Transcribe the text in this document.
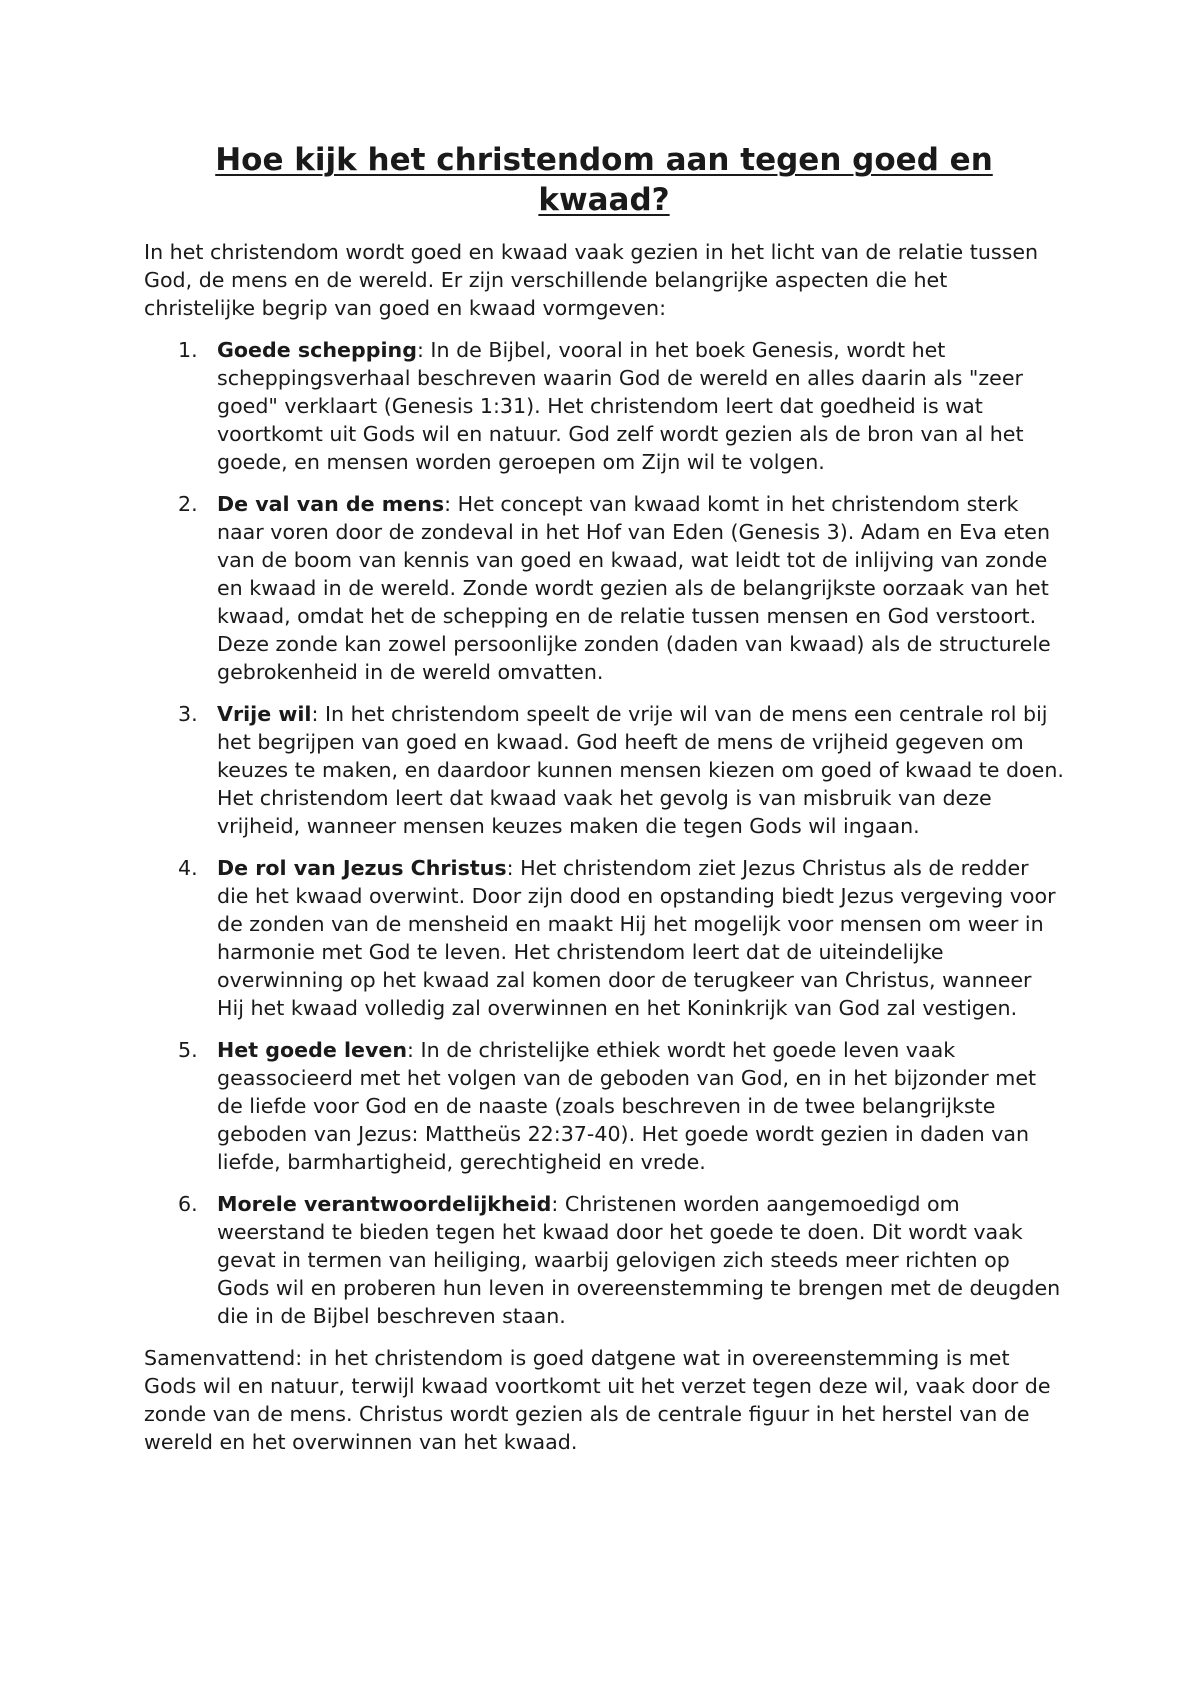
Hoe kijk het christendom aan tegen goed en kwaad?

In het christendom wordt goed en kwaad vaak gezien in het licht van de relatie tussen God, de mens en de wereld. Er zijn verschillende belangrijke aspecten die het christelijke begrip van goed en kwaad vormgeven:

1. Goede schepping: In de Bijbel, vooral in het boek Genesis, wordt het scheppingsverhaal beschreven waarin God de wereld en alles daarin als "zeer goed" verklaart (Genesis 1:31). Het christendom leert dat goedheid is wat voortkomt uit Gods wil en natuur. God zelf wordt gezien als de bron van al het goede, en mensen worden geroepen om Zijn wil te volgen.
2. De val van de mens: Het concept van kwaad komt in het christendom sterk naar voren door de zondeval in het Hof van Eden (Genesis 3). Adam en Eva eten van de boom van kennis van goed en kwaad, wat leidt tot de inlijving van zonde en kwaad in de wereld. Zonde wordt gezien als de belangrijkste oorzaak van het kwaad, omdat het de schepping en de relatie tussen mensen en God verstoort. Deze zonde kan zowel persoonlijke zonden (daden van kwaad) als de structurele gebrokenheid in de wereld omvatten.
3. Vrije wil: In het christendom speelt de vrije wil van de mens een centrale rol bij het begrijpen van goed en kwaad. God heeft de mens de vrijheid gegeven om keuzes te maken, en daardoor kunnen mensen kiezen om goed of kwaad te doen. Het christendom leert dat kwaad vaak het gevolg is van misbruik van deze vrijheid, wanneer mensen keuzes maken die tegen Gods wil ingaan.
4. De rol van Jezus Christus: Het christendom ziet Jezus Christus als de redder die het kwaad overwint. Door zijn dood en opstanding biedt Jezus vergeving voor de zonden van de mensheid en maakt Hij het mogelijk voor mensen om weer in harmonie met God te leven. Het christendom leert dat de uiteindelijke overwinning op het kwaad zal komen door de terugkeer van Christus, wanneer Hij het kwaad volledig zal overwinnen en het Koninkrijk van God zal vestigen.
5. Het goede leven: In de christelijke ethiek wordt het goede leven vaak geassocieerd met het volgen van de geboden van God, en in het bijzonder met de liefde voor God en de naaste (zoals beschreven in de twee belangrijkste geboden van Jezus: Mattheüs 22:37-40). Het goede wordt gezien in daden van liefde, barmhartigheid, gerechtigheid en vrede.
6. Morele verantwoordelijkheid: Christenen worden aangemoedigd om weerstand te bieden tegen het kwaad door het goede te doen. Dit wordt vaak gevat in termen van heiliging, waarbij gelovigen zich steeds meer richten op Gods wil en proberen hun leven in overeenstemming te brengen met de deugden die in de Bijbel beschreven staan.

Samenvattend: in het christendom is goed datgene wat in overeenstemming is met Gods wil en natuur, terwijl kwaad voortkomt uit het verzet tegen deze wil, vaak door de zonde van de mens. Christus wordt gezien als de centrale figuur in het herstel van de wereld en het overwinnen van het kwaad.
